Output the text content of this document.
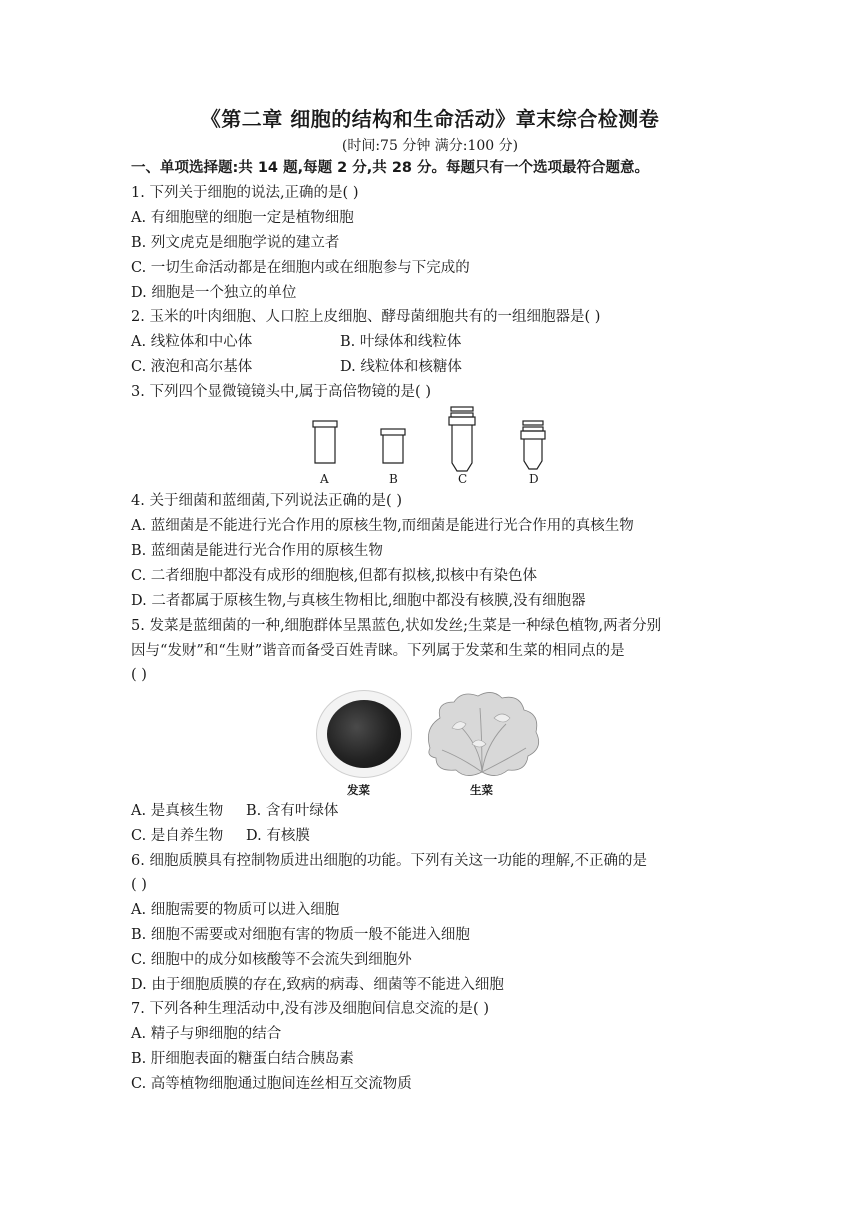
《第二章 细胞的结构和生命活动》章末综合检测卷
(时间:75 分钟 满分:100 分)
一、单项选择题:共 14 题,每题 2 分,共 28 分。每题只有一个选项最符合题意。
1. 下列关于细胞的说法,正确的是( )
A. 有细胞壁的细胞一定是植物细胞
B. 列文虎克是细胞学说的建立者
C. 一切生命活动都是在细胞内或在细胞参与下完成的
D. 细胞是一个独立的单位
2. 玉米的叶肉细胞、人口腔上皮细胞、酵母菌细胞共有的一组细胞器是( )
A. 线粒体和中心体	B. 叶绿体和线粒体
C. 液泡和高尔基体	D. 线粒体和核糖体
3. 下列四个显微镜镜头中,属于高倍物镜的是( )
A	B	C	D
4. 关于细菌和蓝细菌,下列说法正确的是( )
A. 蓝细菌是不能进行光合作用的原核生物,而细菌是能进行光合作用的真核生物
B. 蓝细菌是能进行光合作用的原核生物
C. 二者细胞中都没有成形的细胞核,但都有拟核,拟核中有染色体
D. 二者都属于原核生物,与真核生物相比,细胞中都没有核膜,没有细胞器
5. 发菜是蓝细菌的一种,细胞群体呈黑蓝色,状如发丝;生菜是一种绿色植物,两者分别
因与“发财”和“生财”谐音而备受百姓青睐。下列属于发菜和生菜的相同点的是
( )
发菜	生菜
A. 是真核生物 B. 含有叶绿体
C. 是自养生物 D. 有核膜
6. 细胞质膜具有控制物质进出细胞的功能。下列有关这一功能的理解,不正确的是
( )
A. 细胞需要的物质可以进入细胞
B. 细胞不需要或对细胞有害的物质一般不能进入细胞
C. 细胞中的成分如核酸等不会流失到细胞外
D. 由于细胞质膜的存在,致病的病毒、细菌等不能进入细胞
7. 下列各种生理活动中,没有涉及细胞间信息交流的是( )
A. 精子与卵细胞的结合
B. 肝细胞表面的糖蛋白结合胰岛素
C. 高等植物细胞通过胞间连丝相互交流物质
